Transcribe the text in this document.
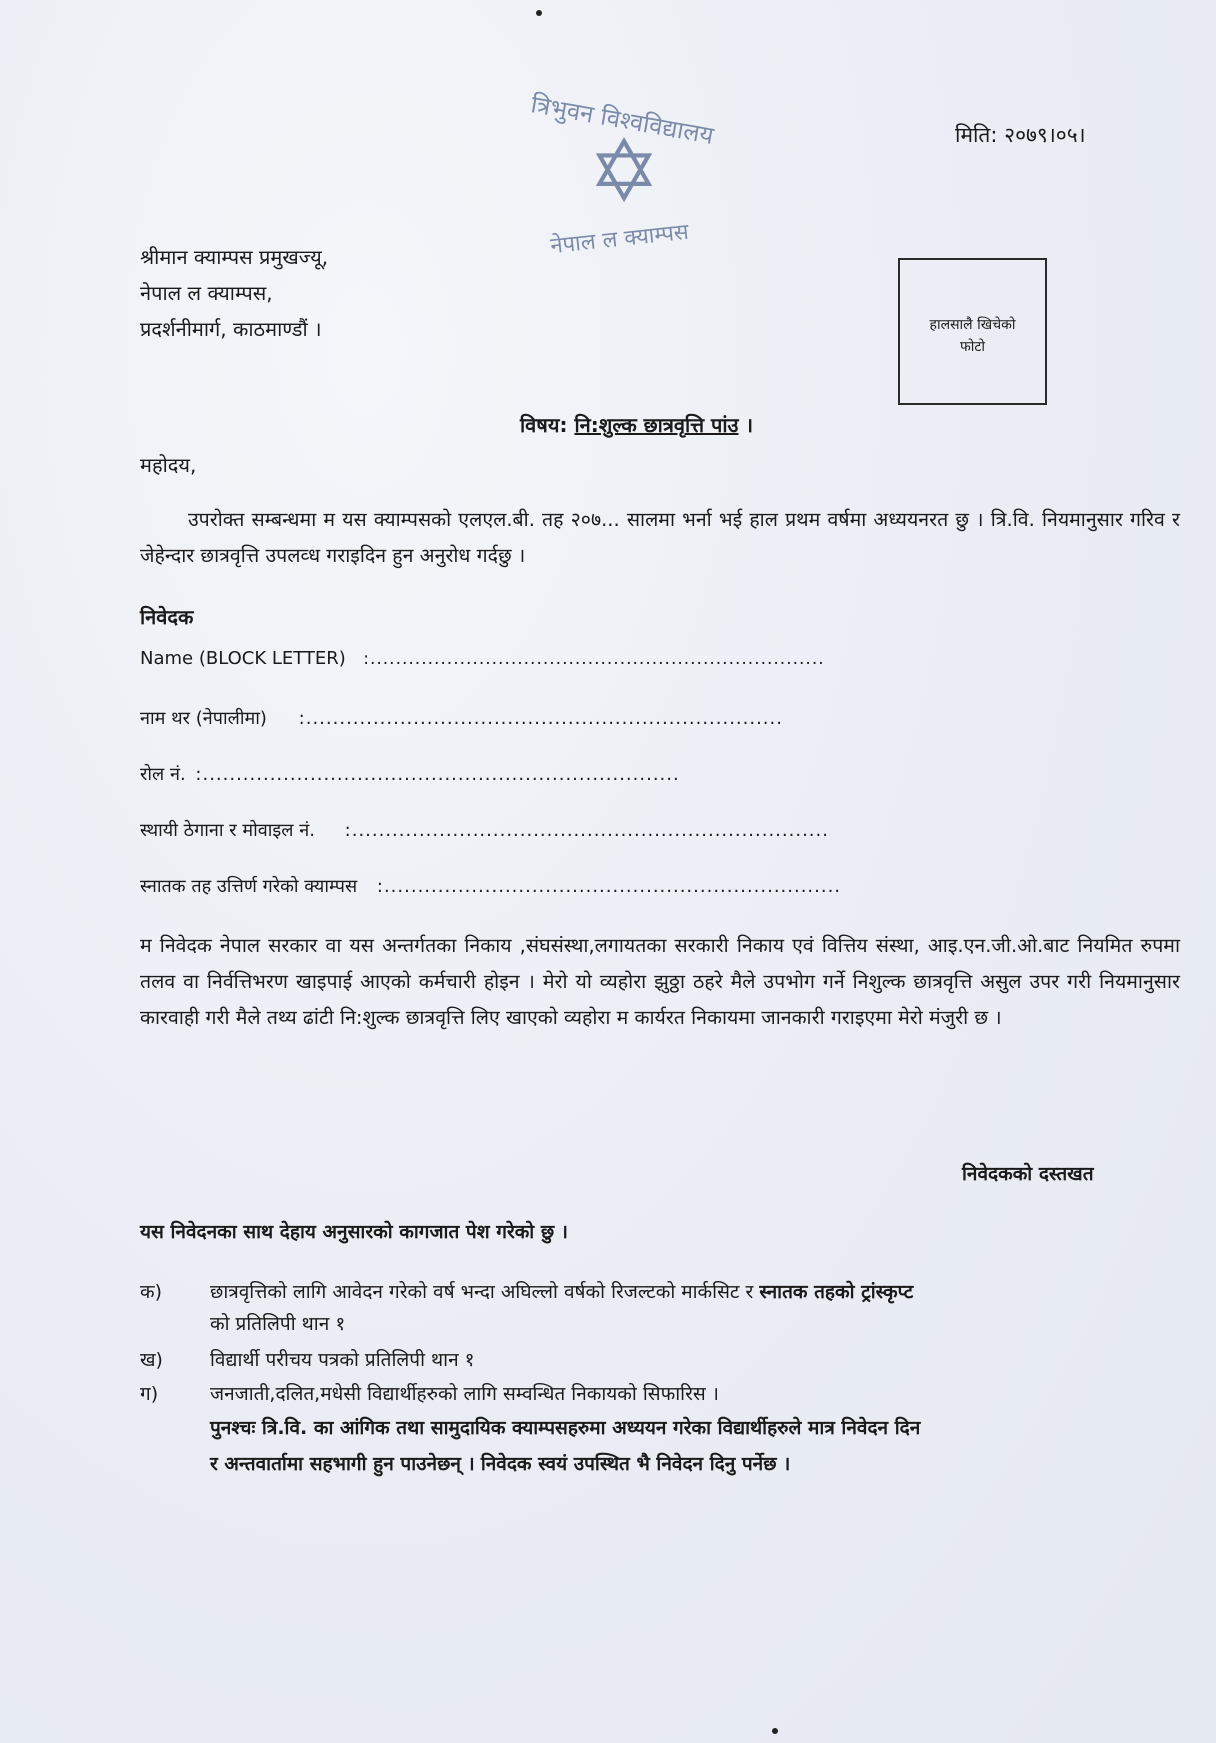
त्रिभुवन विश्वविद्यालय
✡
नेपाल ल क्याम्पस
मिति: २०७९।०५।
श्रीमान क्याम्पस प्रमुखज्यू,
नेपाल ल क्याम्पस,
प्रदर्शनीमार्ग, काठमाण्डौं ।	हालसालै खिचेको
फोटो
विषय: नि:शुल्क छात्रवृत्ति पांउ ।
महोदय,
उपरोक्त सम्बन्धमा म यस क्याम्पसको एलएल.बी. तह २०७... सालमा भर्ना भई हाल प्रथम वर्षमा अध्ययनरत छु । त्रि.वि. नियमानुसार गरिव र जेहेन्दार छात्रवृत्ति उपलव्ध गराइदिन हुन अनुरोध गर्दछु ।
निवेदक
Name (BLOCK LETTER) :.......................................................................
नाम थर (नेपालीमा) :.......................................................................
रोल नं. :.......................................................................
स्थायी ठेगाना र मोवाइल नं. :.......................................................................
स्नातक तह उत्तिर्ण गरेको क्याम्पस :....................................................................
म निवेदक नेपाल सरकार वा यस अन्तर्गतका निकाय ,संघसंस्था,लगायतका सरकारी निकाय एवं वित्तिय संस्था, आइ.एन.जी.ओ.बाट नियमित रुपमा तलव वा निर्वत्तिभरण खाइपाई आएको कर्मचारी होइन । मेरो यो व्यहोरा झुठ्ठा ठहरे मैले उपभोग गर्ने निशुल्क छात्रवृत्ति असुल उपर गरी नियमानुसार कारवाही गरी मैले तथ्य ढांटी नि:शुल्क छात्रवृत्ति लिए खाएको व्यहोरा म कार्यरत निकायमा जानकारी गराइएमा मेरो मंजुरी छ ।
निवेदकको दस्तखत
यस निवेदनका साथ देहाय अनुसारको कागजात पेश गरेको छु ।
क)	छात्रवृत्तिको लागि आवेदन गरेको वर्ष भन्दा अघिल्लो वर्षको रिजल्टको मार्कसिट र स्नातक तहको ट्रांस्कृप्ट
को प्रतिलिपी थान १
ख) विद्यार्थी परीचय पत्रको प्रतिलिपी थान १
ग)	जनजाती,दलित,मधेसी विद्यार्थीहरुको लागि सम्वन्धित निकायको सिफारिस ।
पुनश्चः त्रि.वि. का आंगिक तथा सामुदायिक क्याम्पसहरुमा अध्ययन गरेका विद्यार्थीहरुले मात्र निवेदन दिन
र अन्तवार्तामा सहभागी हुन पाउनेछन् । निवेदक स्वयं उपस्थित भै निवेदन दिनु पर्नेछ ।
